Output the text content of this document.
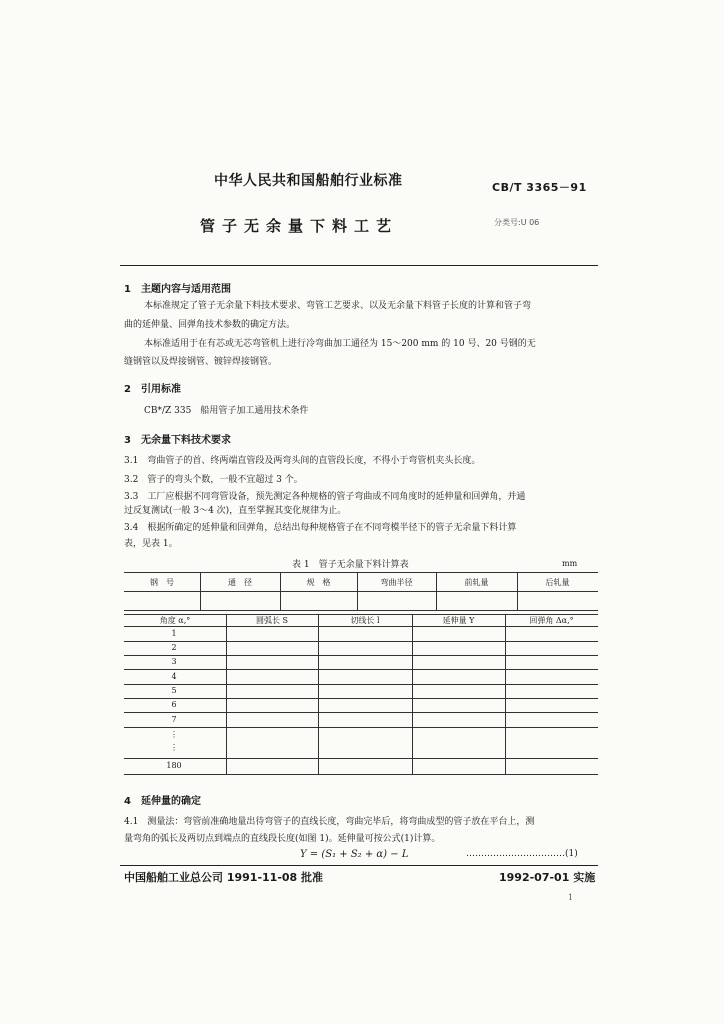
中华人民共和国船舶行业标准	CB/T 3365－91
管子无余量下料工艺	分类号:U 06
1　主题内容与适用范围
本标准规定了管子无余量下料技术要求、弯管工艺要求、以及无余量下料管子长度的计算和管子弯
曲的延伸量、回弹角技术参数的确定方法。
本标准适用于在有芯或无芯弯管机上进行冷弯曲加工通径为 15～200 mm 的 10 号、20 号钢的无
缝钢管以及焊接钢管、镀锌焊接钢管。
2　引用标准
CB*/Z 335　船用管子加工通用技术条件
3　无余量下料技术要求
3.1　弯曲管子的首、终两端直管段及两弯头间的直管段长度，不得小于弯管机夹头长度。
3.2　管子的弯头个数，一般不宜超过 3 个。
3.3　工厂应根据不同弯管设备，预先测定各种规格的管子弯曲成不同角度时的延伸量和回弹角，并通
过反复测试(一般 3～4 次)，直至掌握其变化规律为止。
3.4　根据所确定的延伸量和回弹角，总结出每种规格管子在不同弯模半径下的管子无余量下料计算
表，见表 1。
表 1　管子无余量下料计算表	mm
钢　号	通　径	规　格	弯曲半径	前轧量	后轧量
角度 α,°	圆弧长 S	切线长 l	延伸量 Y	回弹角 Δα,°
1
2
3
4
5
6
7
⋮
⋮
180
4　延伸量的确定
4.1　测量法：弯管前准确地量出待弯管子的直线长度，弯曲完毕后，将弯曲成型的管子放在平台上，测
量弯角的弧长及两切点到端点的直线段长度(如图 1)。延伸量可按公式(1)计算。
Y = (S₁ + S₂ + α) − L	……………………………(1)
中国船舶工业总公司 1991-11-08 批准	1992-07-01 实施
1
